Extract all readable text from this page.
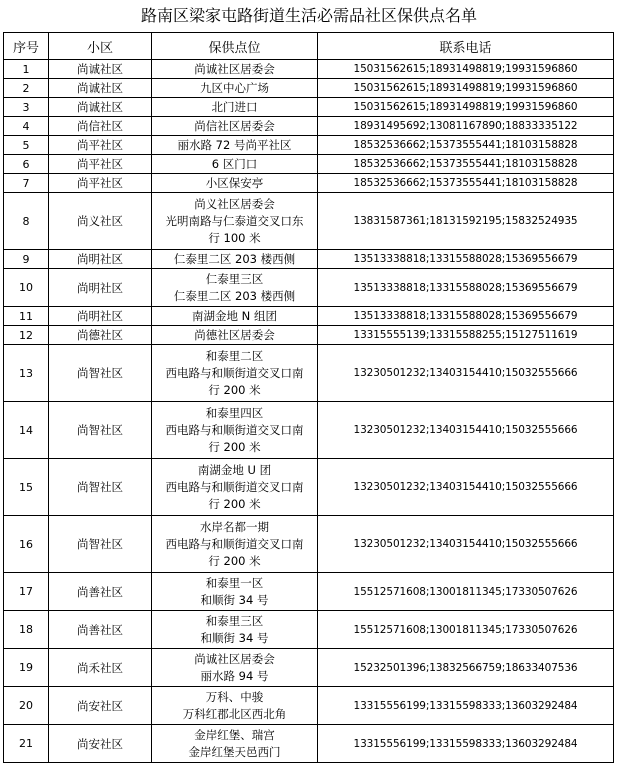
路南区梁家屯路街道生活必需品社区保供点名单
序号	小区	保供点位	联系电话
1	尚诚社区	尚诚社区居委会	15031562615;18931498819;19931596860
2	尚诚社区	九区中心广场	15031562615;18931498819;19931596860
3	尚诚社区	北门进口	15031562615;18931498819;19931596860
4	尚信社区	尚信社区居委会	18931495692;13081167890;18833335122
5	尚平社区	丽水路 72 号尚平社区	18532536662;15373555441;18103158828
6	尚平社区	6 区门口	18532536662;15373555441;18103158828
7	尚平社区	小区保安亭	18532536662;15373555441;18103158828
8	尚义社区	尚义社区居委会
光明南路与仁泰道交叉口东
行 100 米	13831587361;18131592195;15832524935
9	尚明社区	仁泰里二区 203 楼西侧	13513338818;13315588028;15369556679
10	尚明社区	仁泰里三区
仁泰里二区 203 楼西侧	13513338818;13315588028;15369556679
11	尚明社区	南湖金地 N 组团	13513338818;13315588028;15369556679
12	尚德社区	尚德社区居委会	13315555139;13315588255;15127511619
13	尚智社区	和泰里二区
西电路与和顺街道交叉口南
行 200 米	13230501232;13403154410;15032555666
14	尚智社区	和泰里四区
西电路与和顺街道交叉口南
行 200 米	13230501232;13403154410;15032555666
15	尚智社区	南湖金地 U 团
西电路与和顺街道交叉口南
行 200 米	13230501232;13403154410;15032555666
16	尚智社区	水岸名都一期
西电路与和顺街道交叉口南
行 200 米	13230501232;13403154410;15032555666
17	尚善社区	和泰里一区
和顺街 34 号	15512571608;13001811345;17330507626
18	尚善社区	和泰里三区
和顺街 34 号	15512571608;13001811345;17330507626
19	尚禾社区	尚诚社区居委会
丽水路 94 号	15232501396;13832566759;18633407536
20	尚安社区	万科、中骏
万科红郡北区西北角	13315556199;13315598333;13603292484
21	尚安社区	金岸红堡、瑞宫
金岸红堡天邑西门	13315556199;13315598333;13603292484
